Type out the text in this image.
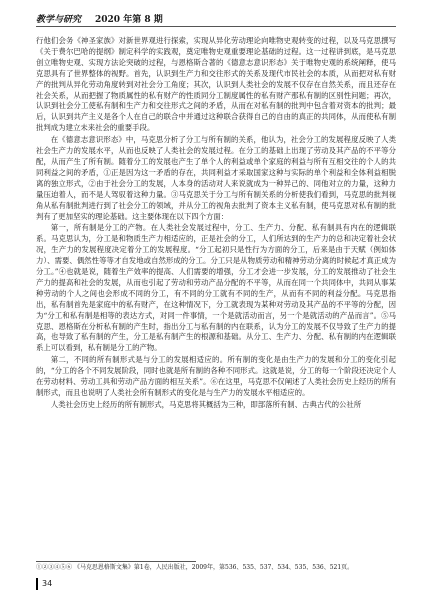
教学与研究 2020 年第 8 期

行他们会务《神圣家族》对新世界观进行探索，实现从异化劳动理论向唯物史观转变的过程，以及马克思撰写《关于费尔巴哈的提纲》制定科学的实践观，奠定唯物史观重要理论基础的过程。这一过程讲到底，是马克思创立唯物史观、实现方法论突破的过程，与恩格斯合著的《德意志意识形态》关于唯物史观的系统阐释，使马克思具有了世界整体的视野。首先，认识到生产力和交往形式的关系及现代市民社会的本质，从而把对私有财产的批判从异化劳动角度转到对社会分工角度；其次，认识到人类社会的发展不仅存在自然关系，而且还存在社会关系，从而把握了物质属性的私有财产的性质同分工制度属性的私有财产那私有制的区别性问题；再次，认识到社会分工使私有制和生产力和交往形式之间的矛盾，从而在对私有制的批判中包含着对资本的批判；最后，认识到共产主义是各个人在自己的联合中并通过这种联合获得自己的自由的真正的共同体，从而使私有制批判成为建立未来社会的重要手段。

在《德意志意识形态》中，马克思分析了分工与所有制的关系，他认为，社会分工的发展程度反映了人类社会生产力的发展水平，从而也反映了人类社会的发展过程。在分工的基础上出现了劳动及其产品的不平等分配，从而产生了所有制。随着分工的发展也产生了单个人的利益或单个家庭的利益与所有互相交往的个人的共同利益之间的矛盾，①正是因为这一矛盾的存在，共同利益才采取国家这种与实际的单个利益和全体利益相脱离的独立形式，②由于社会分工的发展，人本身的活动对人来说就成为一种异己的、同他对立的力量，这种力量压迫着人，而不是人驾驭着这种力量。③马克思关于分工与所有制关系的分析使我们看到，马克思的批判视角从私有制批判进行到了社会分工的领域，并从分工的视角去批判了资本主义私有制，使马克思对私有制的批判有了更加坚实的理论基础。这主要体现在以下四个方面：

第一，所有制是分工的产物。在人类社会发展过程中，分工、生产力、分配、私有制具有内在的逻辑联系。马克思认为，分工是和物质生产力相适应的，正是社会的分工，人们所达到的生产力的总和决定着社会状况，生产力的发展程度决定着分工的发展程度。“分工起初只是性行为方面的分工，后来是由于天赋（例如体力）、需要、偶然性等等才自发地或自然形成的分工。分工只是从物质劳动和精神劳动分离的时候起才真正成为分工。”④也就是说，随着生产效率的提高、人们需要的增强，分工才会进一步发展，分工的发展推动了社会生产力的提高和社会的发展，从而也引起了劳动和劳动产品分配的不平等，从而在同一个共同体中，共同从事某种劳动的个人之间也会形成不同的分工，有不同的分工就有不同的生产，从而有不同的利益分配。马克思指出，私有制首先是家庭中的私有财产，在这种情况下，分工就表现为某种对劳动及其产品的不平等的分配，因为“分工和私有制是相等的表达方式，对同一件事情，一个是就活动而言，另一个是就活动的产品而言”。⑤马克思、恩格斯在分析私有制的产生时，指出分工与私有制的内在联系，认为分工的发展不仅导致了生产力的提高，也导致了私有制的产生，分工是私有制产生的根源和基础。从分工、生产力、分配、私有制的内在逻辑联系上可以看到，私有制是分工的产物。

第二，不同的所有制形式是与分工的发展相适应的。所有制的变化是由生产力的发展和分工的变化引起的，“分工的各个不同发展阶段，同时也就是所有制的各种不同形式。这就是说，分工的每一个阶段还决定个人在劳动材料、劳动工具和劳动产品方面的相互关系”。⑥在这里，马克思不仅阐述了人类社会历史上经历的所有制形式，而且也说明了人类社会所有制形式的变化是与生产力的发展水平相适应的。

人类社会历史上经历的所有制形式，马克思将其概括为三种，即部落所有制、古典古代的公社所

①②③④⑤⑥ 《马克思恩格斯文集》第1卷，人民出版社，2009年，第536、535、537、534、535、536、521页。
34
